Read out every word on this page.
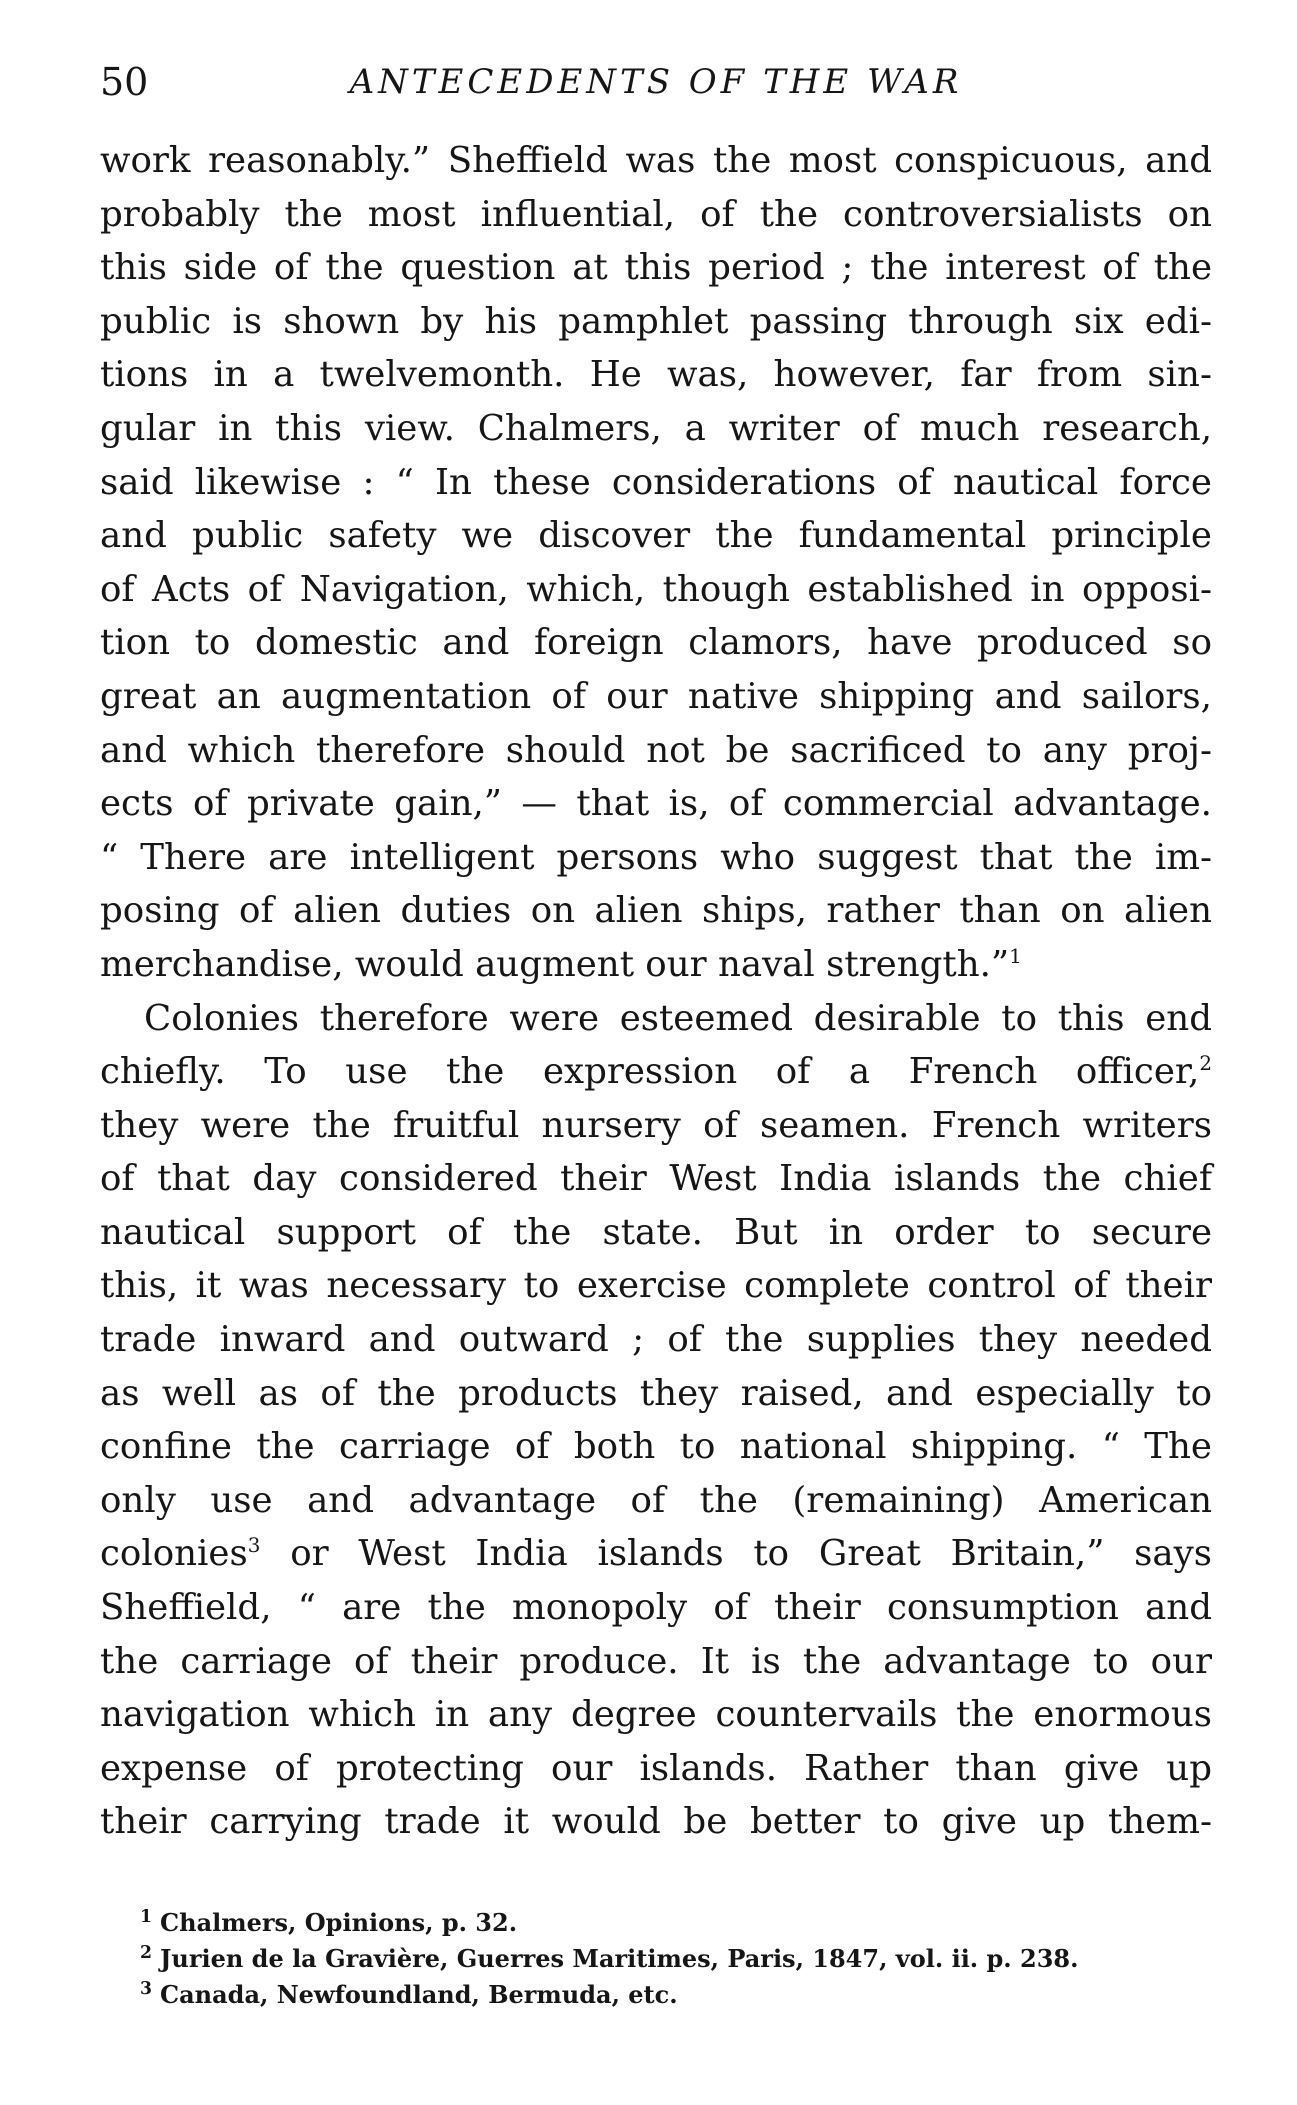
50	ANTECEDENTS OF THE WAR
work reasonably.” Sheffield was the most conspicuous, and
probably the most influential, of the controversialists on
this side of the question at this period ; the interest of the
public is shown by his pamphlet passing through six edi-
tions in a twelvemonth. He was, however, far from sin-
gular in this view. Chalmers, a writer of much research,
said likewise : “ In these considerations of nautical force
and public safety we discover the fundamental principle
of Acts of Navigation, which, though established in opposi-
tion to domestic and foreign clamors, have produced so
great an augmentation of our native shipping and sailors,
and which therefore should not be sacrificed to any proj-
ects of private gain,” — that is, of commercial advantage.
“ There are intelligent persons who suggest that the im-
posing of alien duties on alien ships, rather than on alien
merchandise, would augment our naval strength.”$^1$
Colonies therefore were esteemed desirable to this end
chiefly. To use the expression of a French officer,$^2$
they were the fruitful nursery of seamen. French writers
of that day considered their West India islands the chief
nautical support of the state. But in order to secure
this, it was necessary to exercise complete control of their
trade inward and outward ; of the supplies they needed
as well as of the products they raised, and especially to
confine the carriage of both to national shipping. “ The
only use and advantage of the (remaining) American
colonies$^3$ or West India islands to Great Britain,” says
Sheffield, “ are the monopoly of their consumption and
the carriage of their produce. It is the advantage to our
navigation which in any degree countervails the enormous
expense of protecting our islands. Rather than give up
their carrying trade it would be better to give up them-
$^1$ Chalmers, Opinions, p. 32.
$^2$ Jurien de la Gravière, Guerres Maritimes, Paris, 1847, vol. ii. p. 238.
$^3$ Canada, Newfoundland, Bermuda, etc.
